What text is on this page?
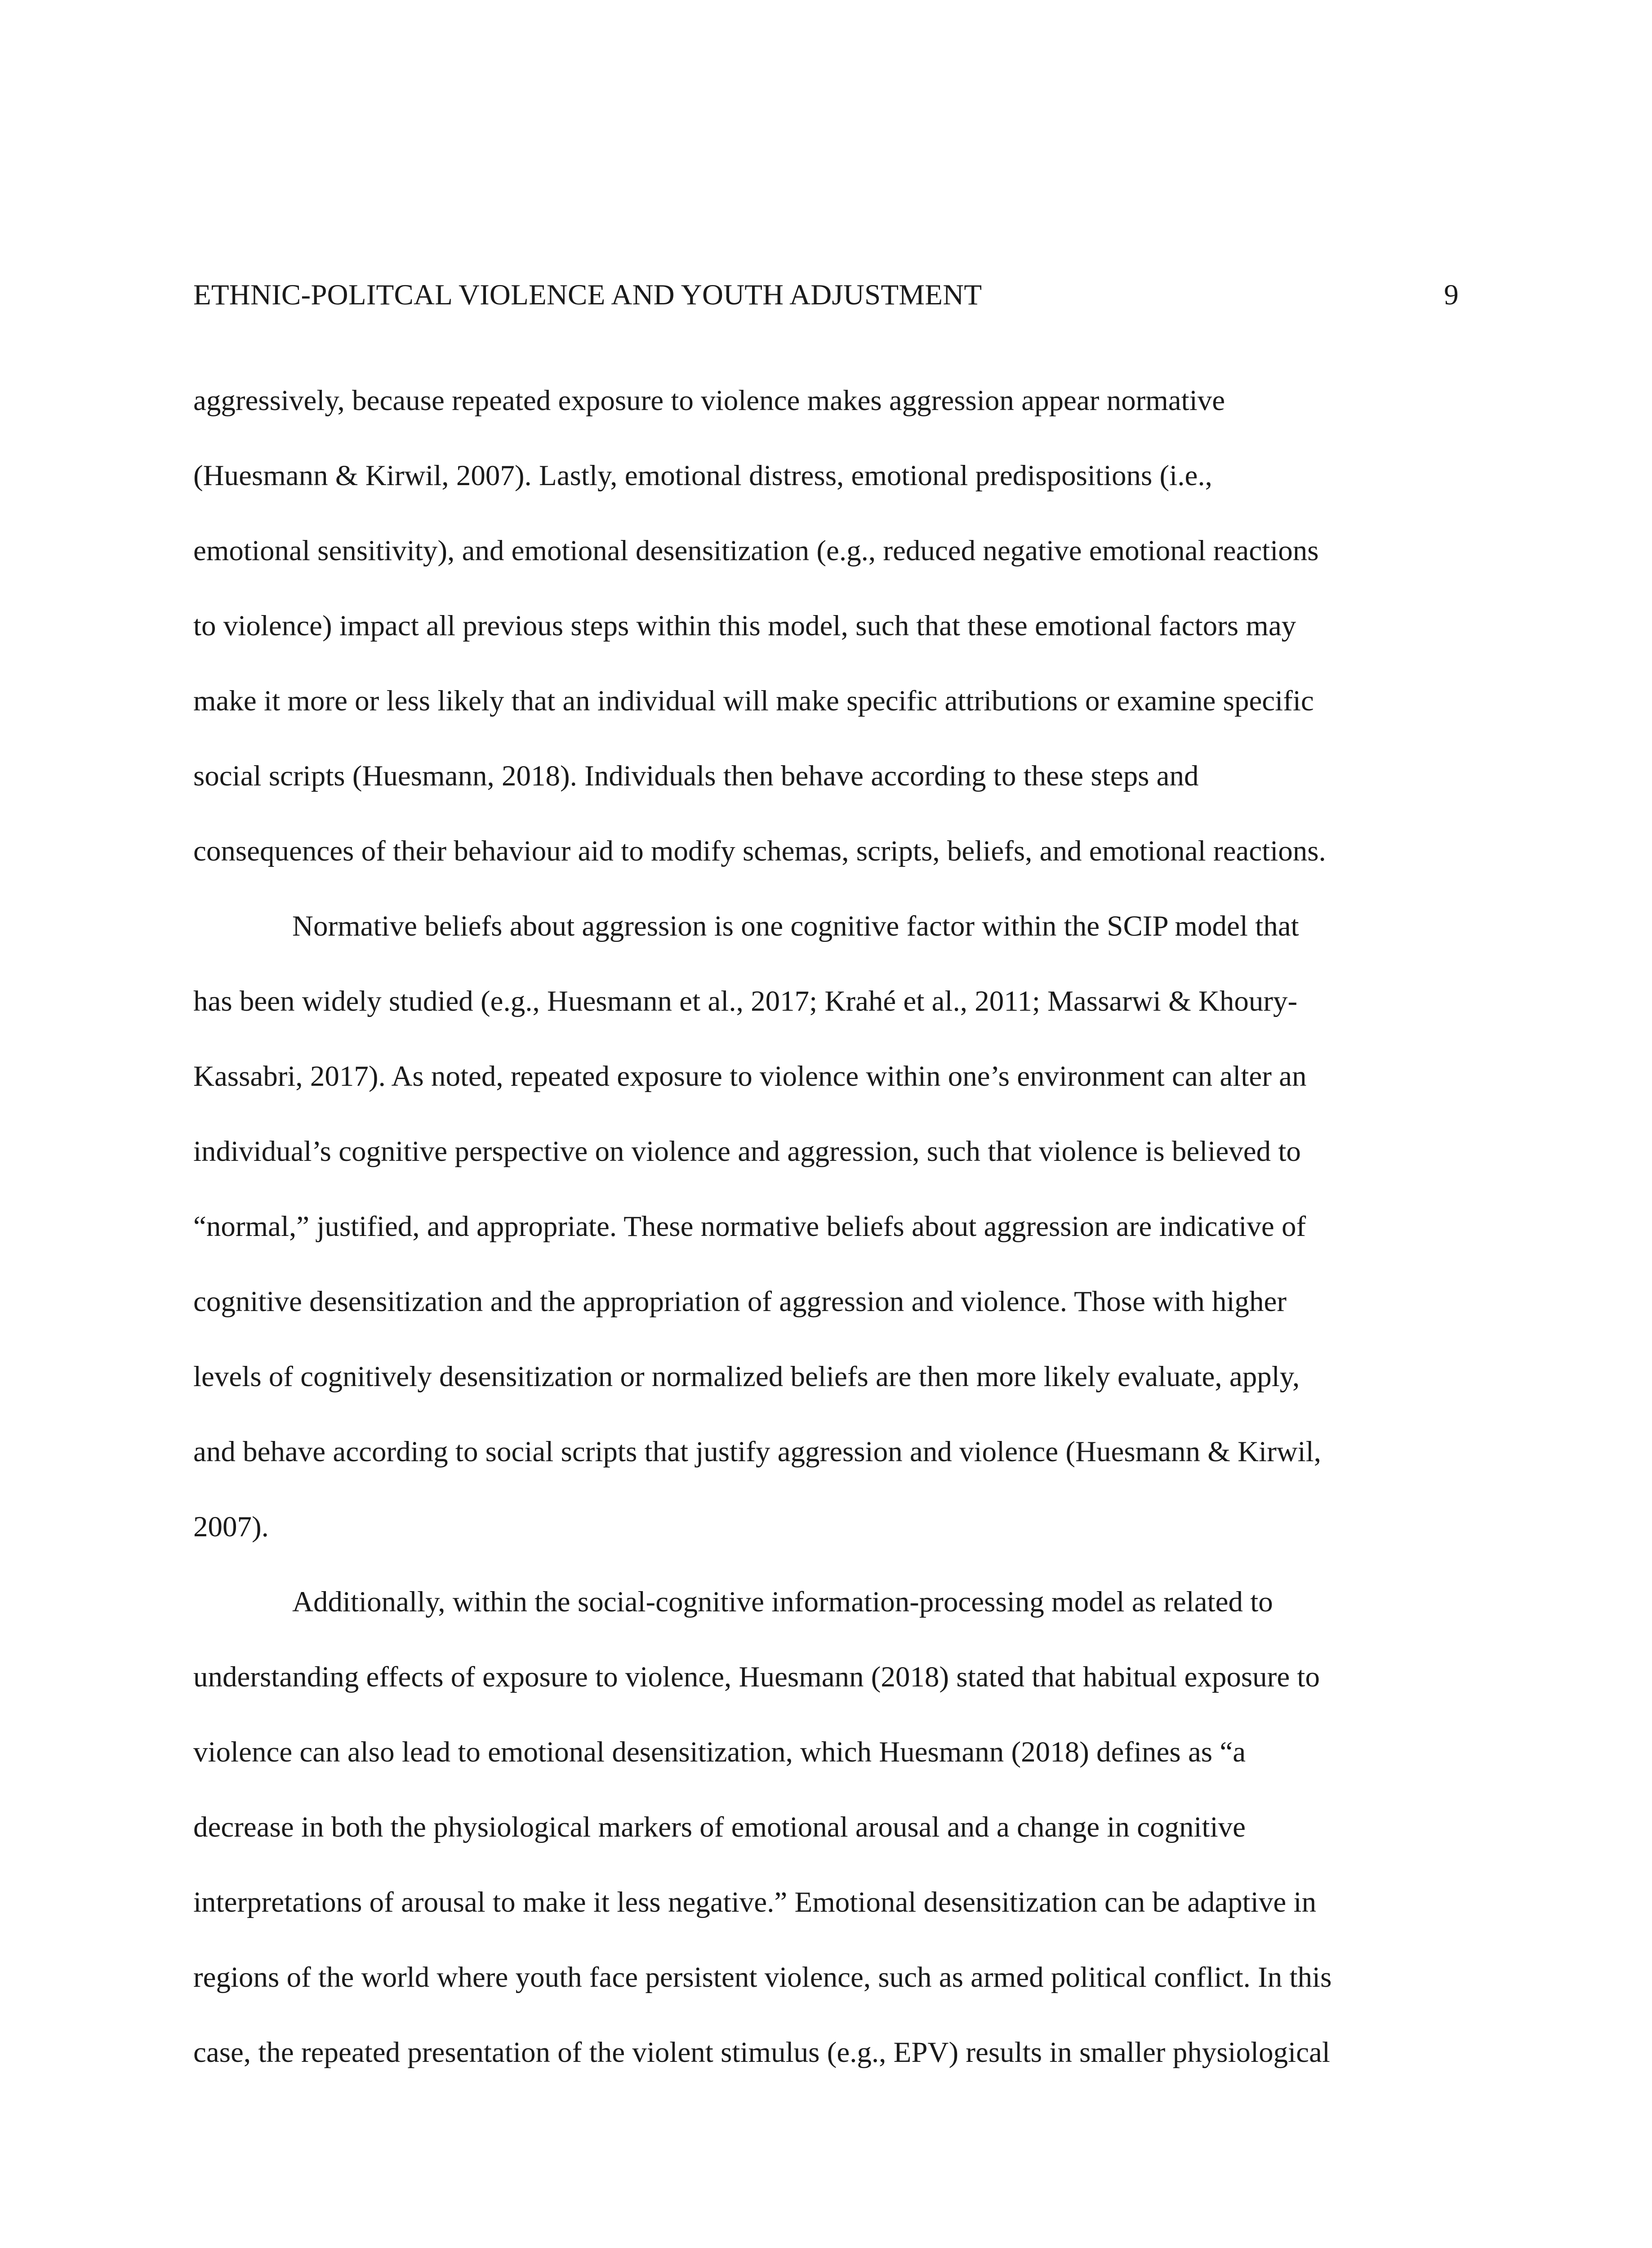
ETHNIC-POLITCAL VIOLENCE AND YOUTH ADJUSTMENT	9
aggressively, because repeated exposure to violence makes aggression appear normative
(Huesmann & Kirwil, 2007). Lastly, emotional distress, emotional predispositions (i.e.,
emotional sensitivity), and emotional desensitization (e.g., reduced negative emotional reactions
to violence) impact all previous steps within this model, such that these emotional factors may
make it more or less likely that an individual will make specific attributions or examine specific
social scripts (Huesmann, 2018). Individuals then behave according to these steps and
consequences of their behaviour aid to modify schemas, scripts, beliefs, and emotional reactions.
Normative beliefs about aggression is one cognitive factor within the SCIP model that
has been widely studied (e.g., Huesmann et al., 2017; Krahé et al., 2011; Massarwi & Khoury-
Kassabri, 2017). As noted, repeated exposure to violence within one’s environment can alter an
individual’s cognitive perspective on violence and aggression, such that violence is believed to
“normal,” justified, and appropriate. These normative beliefs about aggression are indicative of
cognitive desensitization and the appropriation of aggression and violence. Those with higher
levels of cognitively desensitization or normalized beliefs are then more likely evaluate, apply,
and behave according to social scripts that justify aggression and violence (Huesmann & Kirwil,
2007).
Additionally, within the social-cognitive information-processing model as related to
understanding effects of exposure to violence, Huesmann (2018) stated that habitual exposure to
violence can also lead to emotional desensitization, which Huesmann (2018) defines as “a
decrease in both the physiological markers of emotional arousal and a change in cognitive
interpretations of arousal to make it less negative.” Emotional desensitization can be adaptive in
regions of the world where youth face persistent violence, such as armed political conflict. In this
case, the repeated presentation of the violent stimulus (e.g., EPV) results in smaller physiological
